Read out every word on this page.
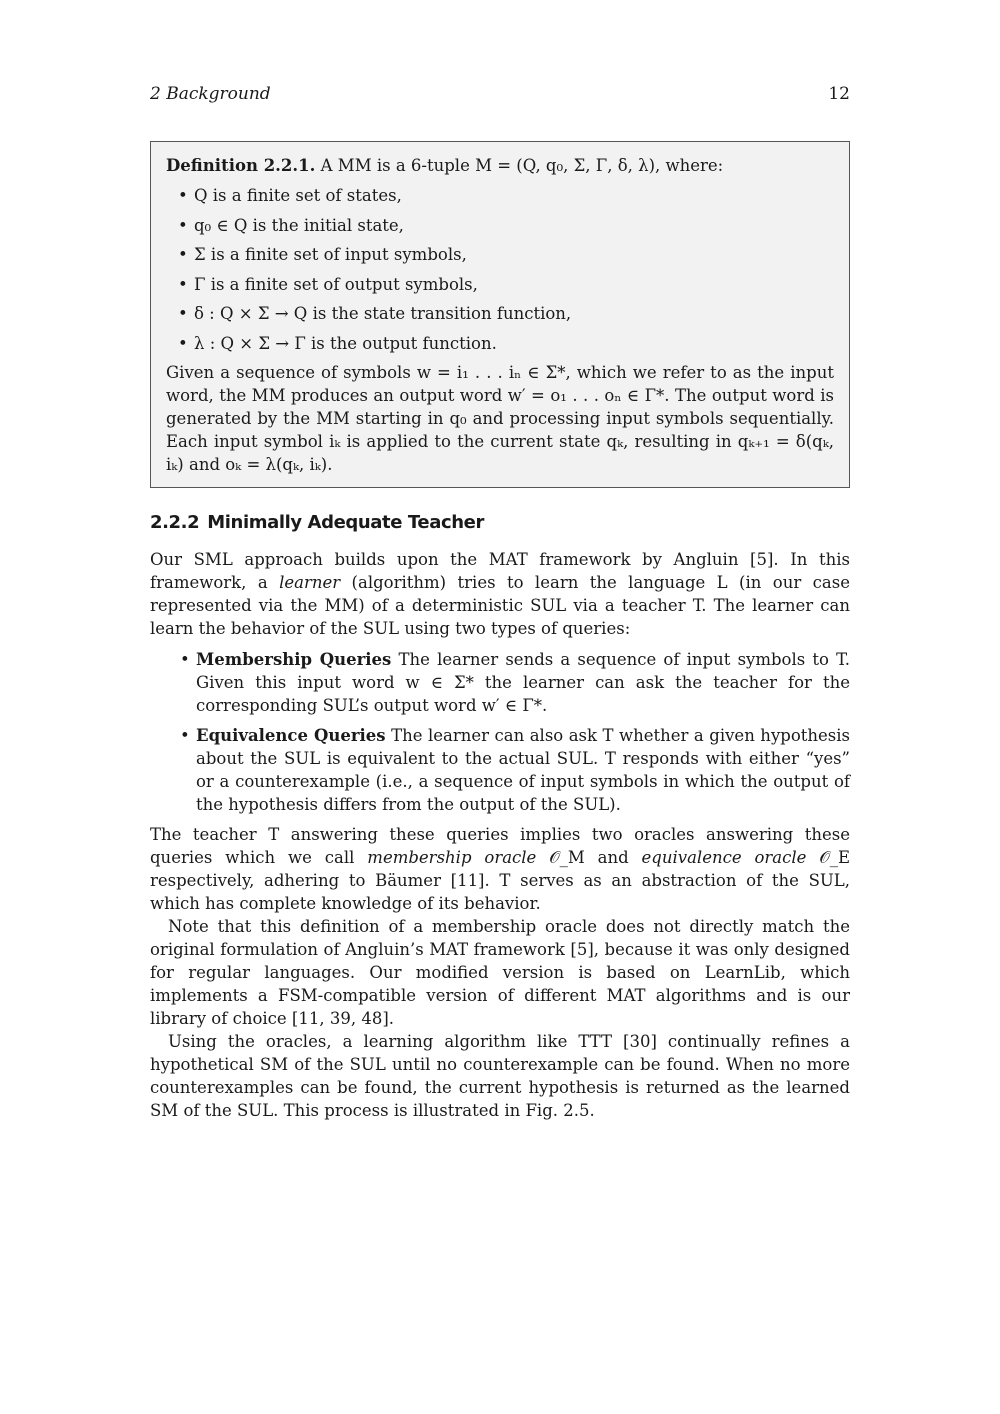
2 Background	12

Definition 2.2.1. A MM is a 6-tuple M = (Q, q₀, Σ, Γ, δ, λ), where:

• Q is a finite set of states,
• q₀ ∈ Q is the initial state,
• Σ is a finite set of input symbols,
• Γ is a finite set of output symbols,
• δ : Q × Σ → Q is the state transition function,
• λ : Q × Σ → Γ is the output function.

Given a sequence of symbols w = i₁ . . . iₙ ∈ Σ*, which we refer to as the input word, the MM produces an output word w′ = o₁ . . . oₙ ∈ Γ*. The output word is generated by the MM starting in q₀ and processing input symbols sequentially. Each input symbol iₖ is applied to the current state qₖ, resulting in qₖ₊₁ = δ(qₖ, iₖ) and oₖ = λ(qₖ, iₖ).

2.2.2 Minimally Adequate Teacher

Our SML approach builds upon the MAT framework by Angluin [5]. In this framework, a learner (algorithm) tries to learn the language L (in our case represented via the MM) of a deterministic SUL via a teacher T. The learner can learn the behavior of the SUL using two types of queries:

• Membership Queries The learner sends a sequence of input symbols to T. Given this input word w ∈ Σ* the learner can ask the teacher for the corresponding SUL’s output word w′ ∈ Γ*.
• Equivalence Queries The learner can also ask T whether a given hypothesis about the SUL is equivalent to the actual SUL. T responds with either “yes” or a counterexample (i.e., a sequence of input symbols in which the output of the hypothesis differs from the output of the SUL).

The teacher T answering these queries implies two oracles answering these queries which we call membership oracle 𝒪_M and equivalence oracle 𝒪_E respectively, adhering to Bäumer [11]. T serves as an abstraction of the SUL, which has complete knowledge of its behavior.

Note that this definition of a membership oracle does not directly match the original formulation of Angluin’s MAT framework [5], because it was only designed for regular languages. Our modified version is based on LearnLib, which implements a FSM-compatible version of different MAT algorithms and is our library of choice [11, 39, 48].

Using the oracles, a learning algorithm like TTT [30] continually refines a hypothetical SM of the SUL until no counterexample can be found. When no more counterexamples can be found, the current hypothesis is returned as the learned SM of the SUL. This process is illustrated in Fig. 2.5.
